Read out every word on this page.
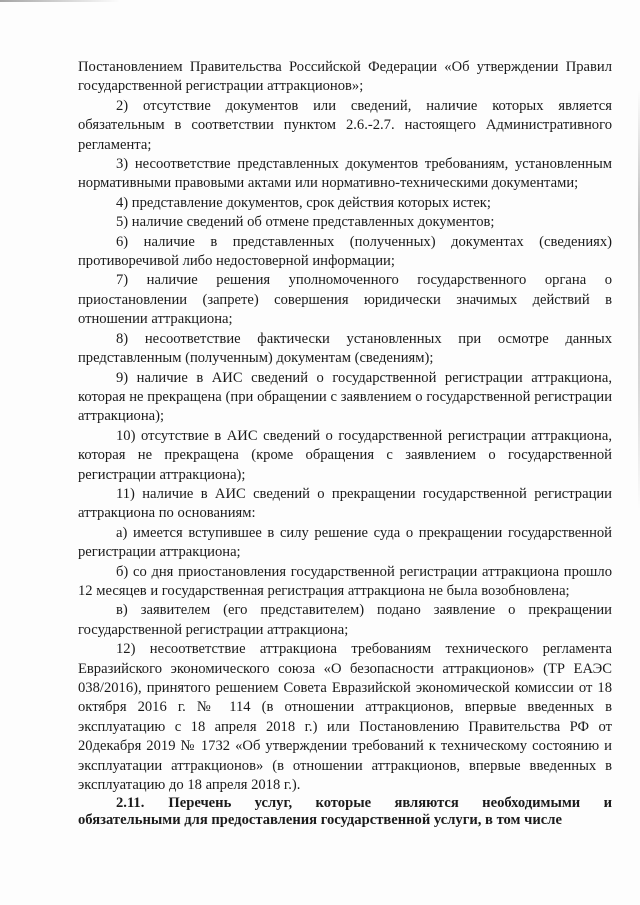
Постановлением Правительства Российской Федерации «Об утверждении Правил государственной регистрации аттракционов»;

2) отсутствие документов или сведений, наличие которых является обязательным в соответствии пунктом 2.6.-2.7. настоящего Административного регламента;

3) несоответствие представленных документов требованиям, установленным нормативными правовыми актами или нормативно-техническими документами;

4) представление документов, срок действия которых истек;

5) наличие сведений об отмене представленных документов;

6) наличие в представленных (полученных) документах (сведениях) противоречивой либо недостоверной информации;

7) наличие решения уполномоченного государственного органа о приостановлении (запрете) совершения юридически значимых действий в отношении аттракциона;

8) несоответствие фактически установленных при осмотре данных представленным (полученным) документам (сведениям);

9) наличие в АИС сведений о государственной регистрации аттракциона, которая не прекращена (при обращении с заявлением о государственной регистрации аттракциона);

10) отсутствие в АИС сведений о государственной регистрации аттракциона, которая не прекращена (кроме обращения с заявлением о государственной регистрации аттракциона);

11) наличие в АИС сведений о прекращении государственной регистрации аттракциона по основаниям:

а) имеется вступившее в силу решение суда о прекращении государственной регистрации аттракциона;

б) со дня приостановления государственной регистрации аттракциона прошло 12 месяцев и государственная регистрация аттракциона не была возобновлена;

в) заявителем (его представителем) подано заявление о прекращении государственной регистрации аттракциона;

12) несоответствие аттракциона требованиям технического регламента Евразийского экономического союза «О безопасности аттракционов» (ТР ЕАЭС 038/2016), принятого решением Совета Евразийской экономической комиссии от 18 октября 2016 г. № 114 (в отношении аттракционов, впервые введенных в эксплуатацию с 18 апреля 2018 г.) или Постановлению Правительства РФ от 20декабря 2019 № 1732 «Об утверждении требований к техническому состоянию и эксплуатации аттракционов» (в отношении аттракционов, впервые введенных в эксплуатацию до 18 апреля 2018 г.).

2.11. Перечень услуг, которые являются необходимыми и обязательными для предоставления государственной услуги, в том числе
